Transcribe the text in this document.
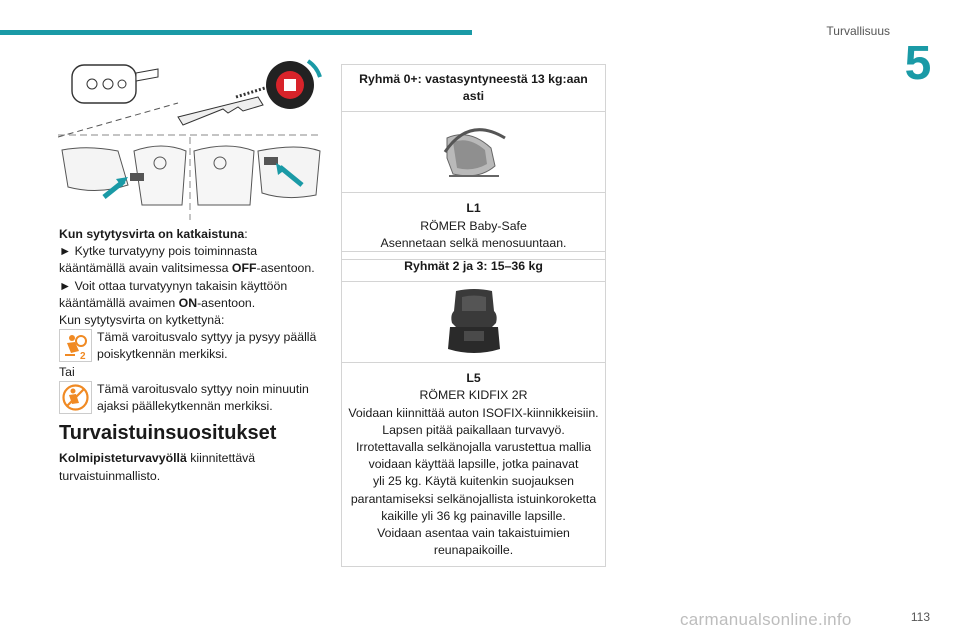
Turvallisuus
5

Kun sytytysvirta on katkaistuna:

► Kytke turvatyyny pois toiminnasta kääntämällä avain valitsimessa OFF-asentoon.

► Voit ottaa turvatyynyn takaisin käyttöön kääntämällä avaimen ON-asentoon.

Kun sytytysvirta on kytkettynä:

2
Tämä varoitusvalo syttyy ja pysyy päällä poiskytkennän merkiksi.

Tai

Tämä varoitusvalo syttyy noin minuutin ajaksi päällekytkennän merkiksi.
Turvaistuinsuositukset

Kolmipisteturvavyöllä kiinnitettävä turvaistuinmallisto.

Ryhmä 0+: vastasyntyneestä 13 kg:aan asti
L1
RÖMER Baby-Safe
Asennetaan selkä menosuuntaan.
Ryhmät 2 ja 3: 15–36 kg
L5
RÖMER KIDFIX 2R
Voidaan kiinnittää auton ISOFIX-kiinnikkeisiin.
Lapsen pitää paikallaan turvavyö.
Irrotettavalla selkänojalla varustettua mallia
voidaan käyttää lapsille, jotka painavat
yli 25 kg. Käytä kuitenkin suojauksen
parantamiseksi selkänojallista istuinkoroketta
kaikille yli 36 kg painaville lapsille.
Voidaan asentaa vain takaistuimien
reunapaikoille.
carmanualsonline.info	113
